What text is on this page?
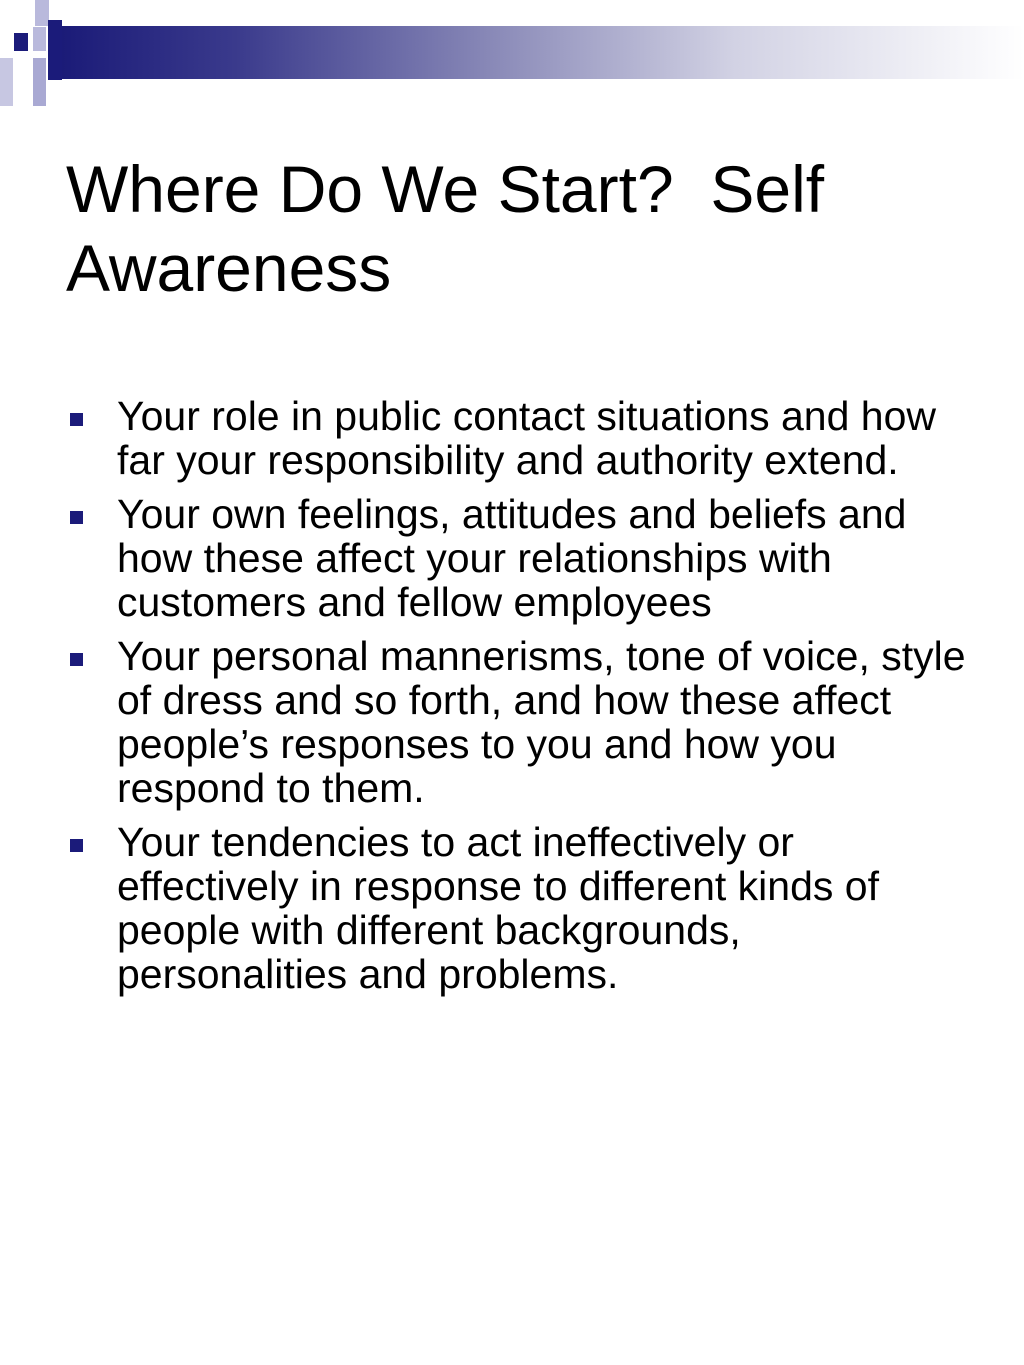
Where Do We Start?  Self
Awareness
Your role in public contact situations and how far your responsibility and authority extend.
Your own feelings, attitudes and beliefs and how these affect your relationships with customers and fellow employees
Your personal mannerisms, tone of voice, style of dress and so forth, and how these affect people’s responses to you and how you respond to them.
Your tendencies to act ineffectively or effectively in response to different kinds of people with different backgrounds, personalities and problems.
